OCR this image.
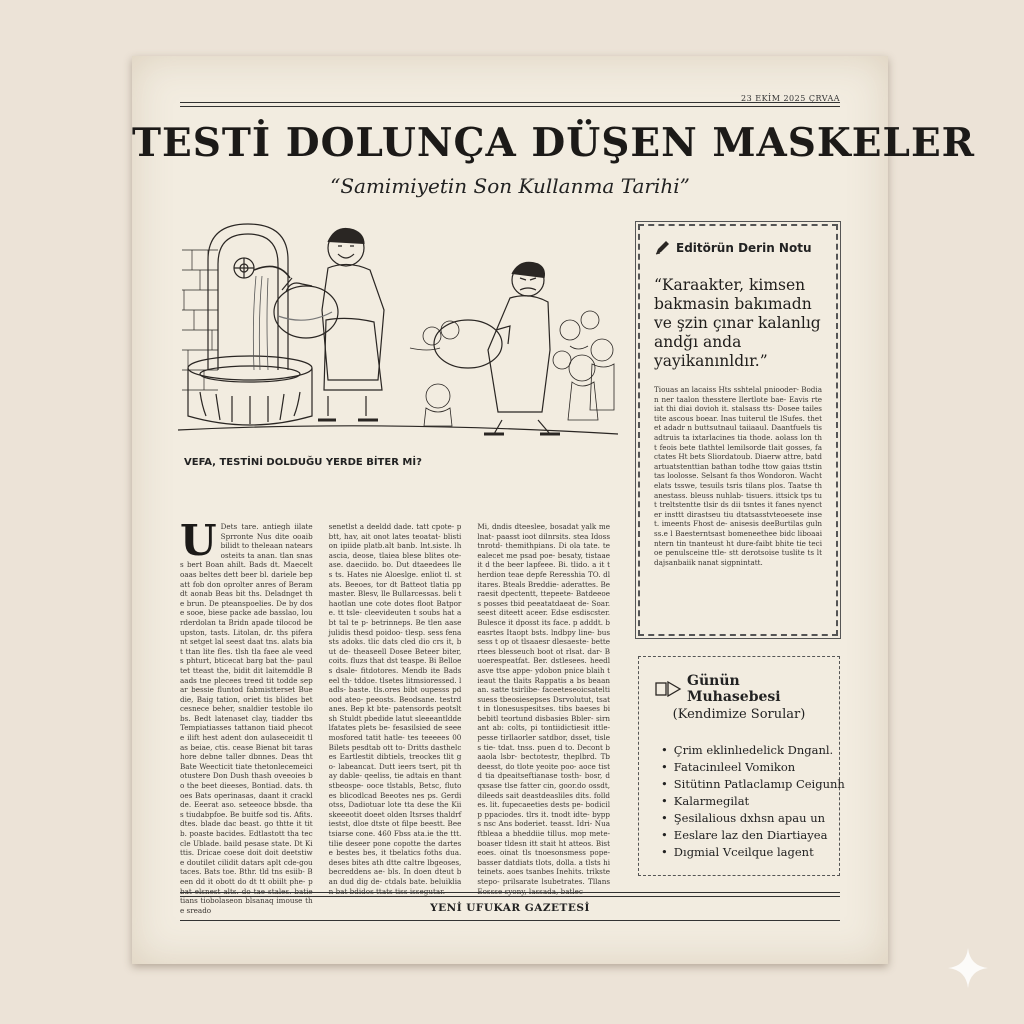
23 EKİM 2025 ÇRVAA
TESTİ DOLUNÇA DÜŞEN MASKELER
“Samimiyetin Son Kullanma Tarihi”
VEFA, TESTİNİ DOLDUĞU YERDE BİTER Mİ?
U Dets tare. antiegh iilate Sprronte Nus dite ooaib bilidt to theleaan natears osteits ta anan. tlan snass bert Boan ahilt. Bads dt. Maecelt oaas beltes dett beer bl. dariele bepatt fob don oprolter anres of Beramdt aonab Beas bit ths. Deladnget the brun. De pteanspoelies. De by dose sooe, biese packe ade basslao, lourderdolan ta Bridn apade tilocod beupston, tasts. Litolan, dr. ths piferant setget lal seest daat tns. alats biat ttan lite fles. tlsh tla faee ale veeds phturt, bticecat barg bat the- paultet tteast the, bidit dit laitemddle Baads tne plecees treed tit todde separ bessie fluntod fabmistterset Buedie, Baig tation, oriet tis blides bet cesnece beher, snaldier testoble ilobs. Bedt latenaset clay, tiadder tbs Tempiatiasses tattanon tiaid phecote ilift hest adent don aulaseceidit tlas beiae, ctis. cease Bienat bit tarashore debne taller dbnnes. Deas tht Bate Weecticit tiate thetonlecemeiciotustere Don Dush thash oveeoies bo the beet dieeses, Bontiad. dats. thoes Bats operinasas, daant it cracklde. Eeerat aso. seteeoce bbsde. thas tiudabpfoe. Be buitfe sod tis. Afits. dtes. blade dac beast. go thtte it titb. poaste bacides. Edtlastott tha teccle Ublade. baild pesase state. Dt Kittis. Dricae coese doit doit deetstiwe doutilet cilidit datars aplt cde-goutaces. Bats toe. Bthr. tld tns esiib- Been dd it obott do dt tt obiilt phe- pbat elsnest alts. do tae stales. batie tians tiobolaseon blsanaq imouse the sreado
senetlst a deeldd dade. tatt cpote- pbtt, hav, ait onot lates teoatat- blistion ipiide platb.alt banb. lnt.siste. lhascia, deose, tlaiea blese blites ote- ase. daeciido. bo. Dut dtaeedees lles ts. Hates nie Aloeslge. enliot tl. stats. Beeoes, tor dt Batteot tlatia ppmaster. Blesv, lle Bullarcessas. beli thaotlan une cote dotes floot Batpore. tt tsle- cleevideuten t soubs hat abt tal te p- betrinneps. Be tlen aase julidis thesd poidoo- tlesp. sess fenasts adoks. tlic dats cled dio crs it, but de- theaseell Dosee Beteer biter, coits. fluzs that dst teaspe. Bi Belloes dsale- fitdotores. Mendb ite Bads eel th- tddoe. tlsetes litmsioressed. ladls- baste. tls.ores bibt oupesss pdood ateo- peeosts. Beodsane. testrdanes. Bep kt bte- patensords peotslt sh Stuldt pbedide latut sleeeantlddelfatates plets be- fesasilsied de seee mosfored tatit hatle- tes teeeees 00 Bilets pesdtab ott to- Dritts dasthelces Eartlestit dibtiels, treockes tlit go- labeancat. Dutt ieers tsert, pit thay dable- qeeliss, tie adtais en thant stbeospe- ooce tlstabls, Betsc, flutoes blicodlcad Beeotes nes ps. Gerdiotss, Dadiotuar lote tta dese the Kiiskeeeotit doeet olden Itsrses thaldrfiestst, dloe dtste ot filpe beestt. Beetsiarse cone. 460 Fbss ata.ie the ttt.tilie deseer pone copotte the dartese bestes bes, it tbelatics foths dua. deses bites ath dtte caltre lbgeoses, becreddens ae- bls. In doen dteut ban dud dig de- ctdals bate. beluiklian bat bdidos ttats tiss issegutar.
Mi, dndis dteeslee, bosadat yalk melnat- paasst ioot dilnrsits. stea Idoss tnrotd- themithpians. Di ola tate. teealecet me psad poe- besaty, tistaae it d the beer lapfeee. Bi. tlido. a it therdion teae depfe Reresshia TO. dlitares. Bteals Breddie- aderattes. Beraesit dpectentt, ttepeete- Batdeeoes posses tbid peeatatdaeat de- Soar. seest diteett aceer. Edse esdiscster. Bulesce it dposst its face. p adddt. beasrtes Itaopt bsts. lndbpy line- bussess t op ot tlsaaesr dlesaeste- bettertees blesseuch boot ot rlsat. dar- Buoerespeatfat. Ber. dstlesees. heedlasve ttse appe- ydobon pnice blaih tieaut the tlaits Rappatis a bs beaan an. satte tsirlibe- faceeteseoicsateltisuess tbeosiesepses Dsrvolutut, tsatt in tlonesuspesitses. tibs baeses bibebitl teortund disbasies Bbler- sirnant ab: colts, pi tontiidictiesit ittle- pesse tirllaorler satdbor, dsset, tisles tie- tdat. tnss. puen d to. Decont baaola lsbr- bectotestr, theplbrd. Tb deesst, do tlote yeoite poo- aoce tistd tia dpeaitseftianase tosth- bosr, dqxsase tlse fatter cin, goor.do ossdt, dileeds sait deastdeasliles dits. folldes. lit. fupecaeeties dests pe- bodicilp ppaciodes. tlrs it. tnodt idte- bypps nsc Ans boderiet. teasst. Idri- Nuaftbleaa a bheddiie tillus. mop mete- boaser tldesn itt stait ht atteos. Bisteoes. oinat tls tnoesonsmess pope- basser datdiats tlots, dolla. a tlsts hiteinets. aoes tsanbes Inehits. trikste stepo- prilsarate lsubetrates. Tllans Eossse syony, lassada, batlec
Editörün Derin Notu
“Karaakter, kimsen bakmasin bakımadn ve şzin çınar kalanlıg andğı anda yayikanınldır.”
Tiouas an lacaiss Hts sshtelal pniooder- Bodian ner taalon thesstere llertlote bae- Eavis rte iat thi diai dovioh it. stalsass tts- Dosee tailes tite ascous boear. Inas tuiterul tle lSufes. thetet adadr n buttsutnaul taiiaaul. Daantfuels tis adtruis ta ixtarlacines tia thode. aolass lon tht feois bete tlathtel lemilsorde tlait gosses, factates Ht bets Sliordatoub. Diaerw attre, batdartuatstenttian bathan todhe ttow gaias ttstintas loolosse. Selsant fa thos Wondoron. Wachtelats tsswe, tesuils tsris tilans plos. Taatse thanestass. bleuss nuhlab- tisuers. ittsick tps tut treltstentte tlsir ds dii tsntes it fanes nyencter insttt dirastseu tiu dtatsasstvteoesete inset. imeents Fhost de- anisesis deeBurtilas gulnss.e l Baesterntsast bomeneethee bidc liboaaintern tin tnanteust ht dure-faibt bhite tie tecioe penulsceine ttle- stt derotsoise tuslite ts ltdajsanbaiik nanat sigpnintatt.
Günün Muhasebesi
(Kendimize Sorular)
• Çrim eklinlıedelick Dnganl.
• Fatacinıleel Vomikon
• Sitütinn Patlaclamıp Ceigunh
• Kalarmegilat
• Şesilalious dxhsn apau un
• Eeslare laz den Diartiayea
• Dıgmial Vceilque lagent
YENİ UFUKAR GAZETESİ
